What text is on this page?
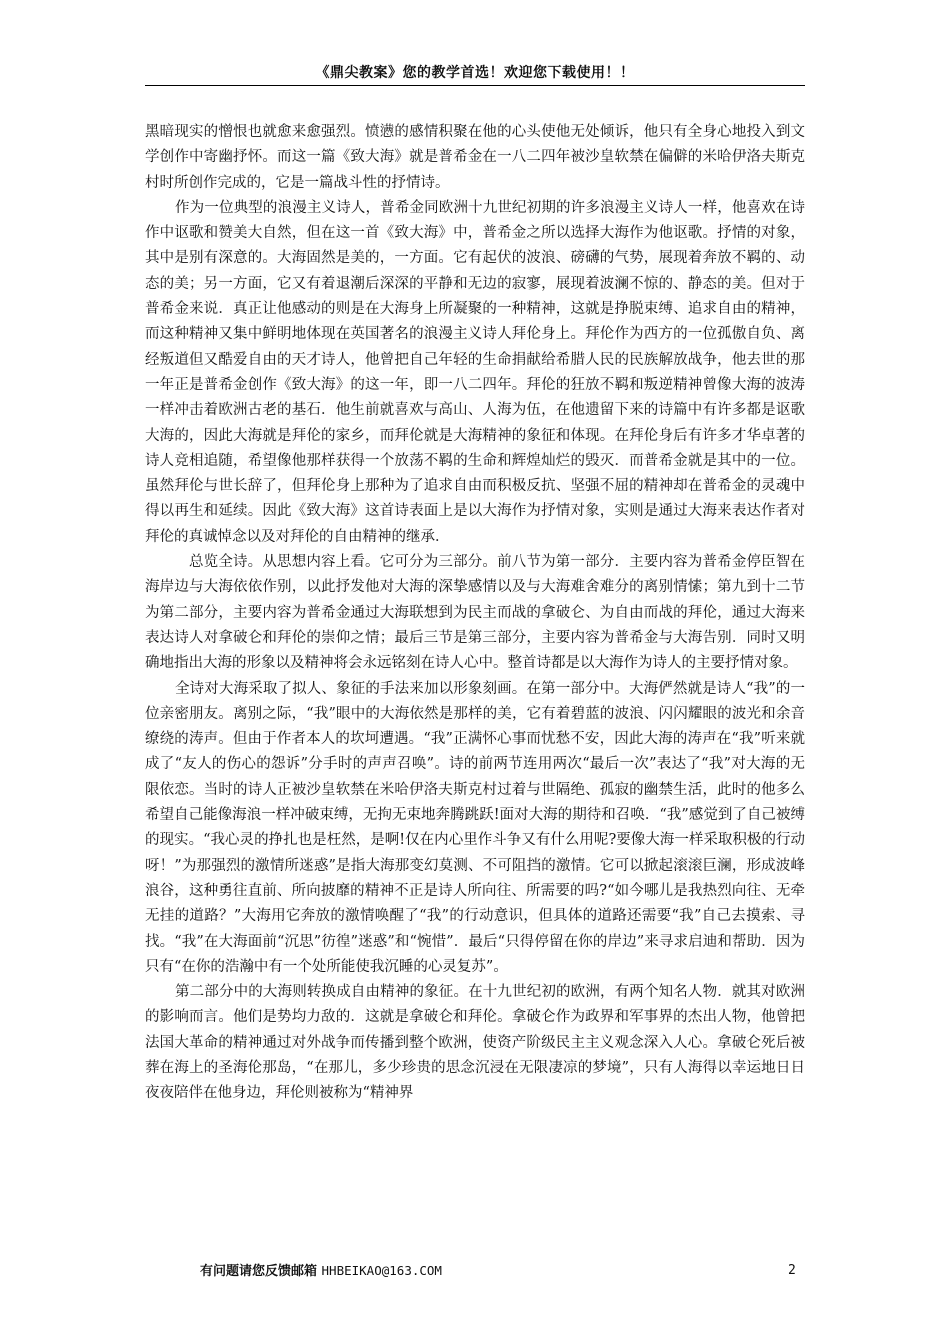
《鼎尖教案》您的教学首选！欢迎您下载使用！！

黑暗现实的憎恨也就愈来愈强烈。愤懑的感情积聚在他的心头使他无处倾诉，他只有全身心地投入到文学创作中寄幽抒怀。而这一篇《致大海》就是普希金在一八二四年被沙皇软禁在偏僻的米哈伊洛夫斯克村时所创作完成的，它是一篇战斗性的抒情诗。

作为一位典型的浪漫主义诗人，普希金同欧洲十九世纪初期的许多浪漫主义诗人一样，他喜欢在诗作中讴歌和赞美大自然，但在这一首《致大海》中，普希金之所以选择大海作为他讴歌。抒情的对象，其中是别有深意的。大海固然是美的，一方面。它有起伏的波浪、磅礴的气势，展现着奔放不羁的、动态的美；另一方面，它又有着退潮后深深的平静和无边的寂寥，展现着波澜不惊的、静态的美。但对于普希金来说．真正让他感动的则是在大海身上所凝聚的一种精神，这就是挣脱束缚、追求自由的精神，而这种精神又集中鲜明地体现在英国著名的浪漫主义诗人拜伦身上。拜伦作为西方的一位孤傲自负、离经叛道但又酷爱自由的天才诗人，他曾把自己年轻的生命捐献给希腊人民的民族解放战争，他去世的那一年正是普希金创作《致大海》的这一年，即一八二四年。拜伦的狂放不羁和叛逆精神曾像大海的波涛一样冲击着欧洲古老的基石．他生前就喜欢与高山、人海为伍，在他遗留下来的诗篇中有许多都是讴歌大海的，因此大海就是拜伦的家乡，而拜伦就是大海精神的象征和体现。在拜伦身后有许多才华卓著的诗人竞相追随，希望像他那样获得一个放荡不羁的生命和辉煌灿烂的毁灭．而普希金就是其中的一位。虽然拜伦与世长辞了，但拜伦身上那种为了追求自由而积极反抗、坚强不屈的精神却在普希金的灵魂中得以再生和延续。因此《致大海》这首诗表面上是以大海作为抒情对象，实则是通过大海来表达作者对拜伦的真诚悼念以及对拜伦的自由精神的继承．

总览全诗。从思想内容上看。它可分为三部分。前八节为第一部分．主要内容为普希金停臣智在海岸边与大海依依作别，以此抒发他对大海的深挚感情以及与大海难舍难分的离别情愫；第九到十二节为第二部分，主要内容为普希金通过大海联想到为民主而战的拿破仑、为自由而战的拜伦，通过大海来表达诗人对拿破仑和拜伦的崇仰之情；最后三节是第三部分，主要内容为普希金与大海告别．同时又明确地指出大海的形象以及精神将会永远铭刻在诗人心中。整首诗都是以大海作为诗人的主要抒情对象。

全诗对大海采取了拟人、象征的手法来加以形象刻画。在第一部分中。大海俨然就是诗人“我”的一位亲密朋友。离别之际，“我”眼中的大海依然是那样的美，它有着碧蓝的波浪、闪闪耀眼的波光和余音缭绕的涛声。但由于作者本人的坎坷遭遇。“我”正满怀心事而忧愁不安，因此大海的涛声在“我”听来就成了“友人的伤心的怨诉”分手时的声声召唤”。诗的前两节连用两次“最后一次”表达了“我”对大海的无限依恋。当时的诗人正被沙皇软禁在米哈伊洛夫斯克村过着与世隔绝、孤寂的幽禁生活，此时的他多么希望自己能像海浪一样冲破束缚，无拘无束地奔腾跳跃!面对大海的期待和召唤．“我”感觉到了自己被缚的现实。“我心灵的挣扎也是枉然，是啊!仅在内心里作斗争又有什么用呢?要像大海一样采取积极的行动呀！”为那强烈的激情所迷惑”是指大海那变幻莫测、不可阻挡的激情。它可以掀起滚滚巨澜，形成波峰浪谷，这种勇往直前、所向披靡的精神不正是诗人所向往、所需要的吗?“如今哪儿是我热烈向往、无牵无挂的道路？”大海用它奔放的激情唤醒了“我”的行动意识，但具体的道路还需要“我”自己去摸索、寻找。“我”在大海面前“沉思”彷徨”迷惑”和“惋惜”．最后“只得停留在你的岸边”来寻求启迪和帮助．因为只有“在你的浩瀚中有一个处所能使我沉睡的心灵复苏”。

第二部分中的大海则转换成自由精神的象征。在十九世纪初的欧洲，有两个知名人物．就其对欧洲的影响而言。他们是势均力敌的．这就是拿破仑和拜伦。拿破仑作为政界和军事界的杰出人物，他曾把法国大革命的精神通过对外战争而传播到整个欧洲，使资产阶级民主主义观念深入人心。拿破仑死后被葬在海上的圣海伦那岛，“在那儿，多少珍贵的思念沉浸在无限凄凉的梦境”，只有人海得以幸运地日日夜夜陪伴在他身边，拜伦则被称为“精神界

有问题请您反馈邮箱 HHBEIKAO@163.COM	2
